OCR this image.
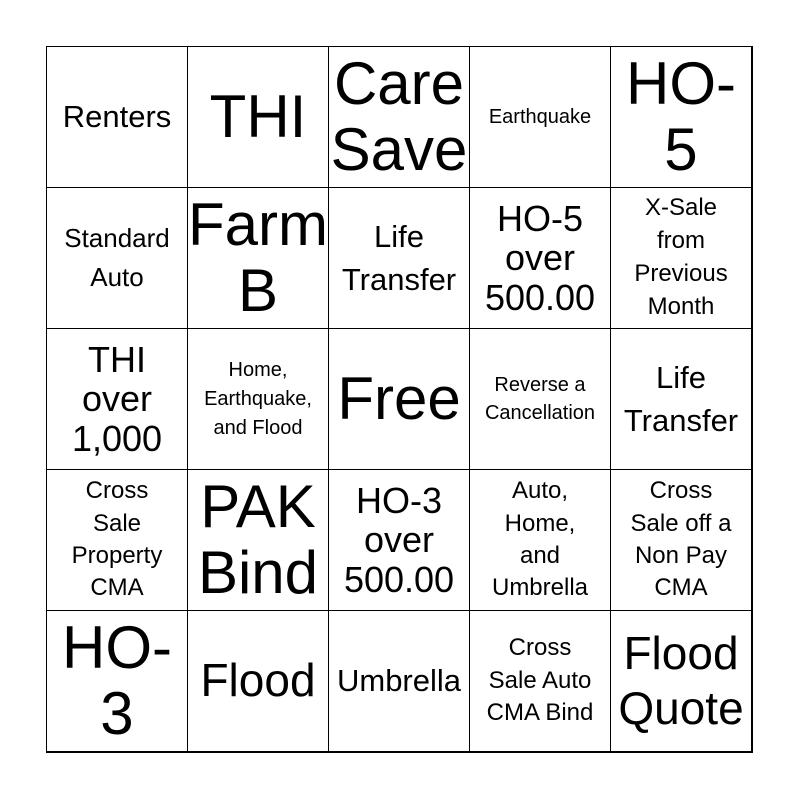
Renters THI Care
Save Earthquake HO-
5
Standard
Auto
Farm
B
Life
Transfer
HO-5
over
500.00
X-Sale
from
Previous
Month
THI
over
1,000
Home,
Earthquake,
and Flood Free	Reverse a
Cancellation
Life
Transfer
Cross
Sale
Property
CMA
PAK
Bind
HO-3
over
500.00
Auto,
Home,
and
Umbrella
Cross
Sale off a
Non Pay
CMA
HO-
3	Flood Umbrella
Cross
Sale Auto
CMA Bind
Flood
Quote
